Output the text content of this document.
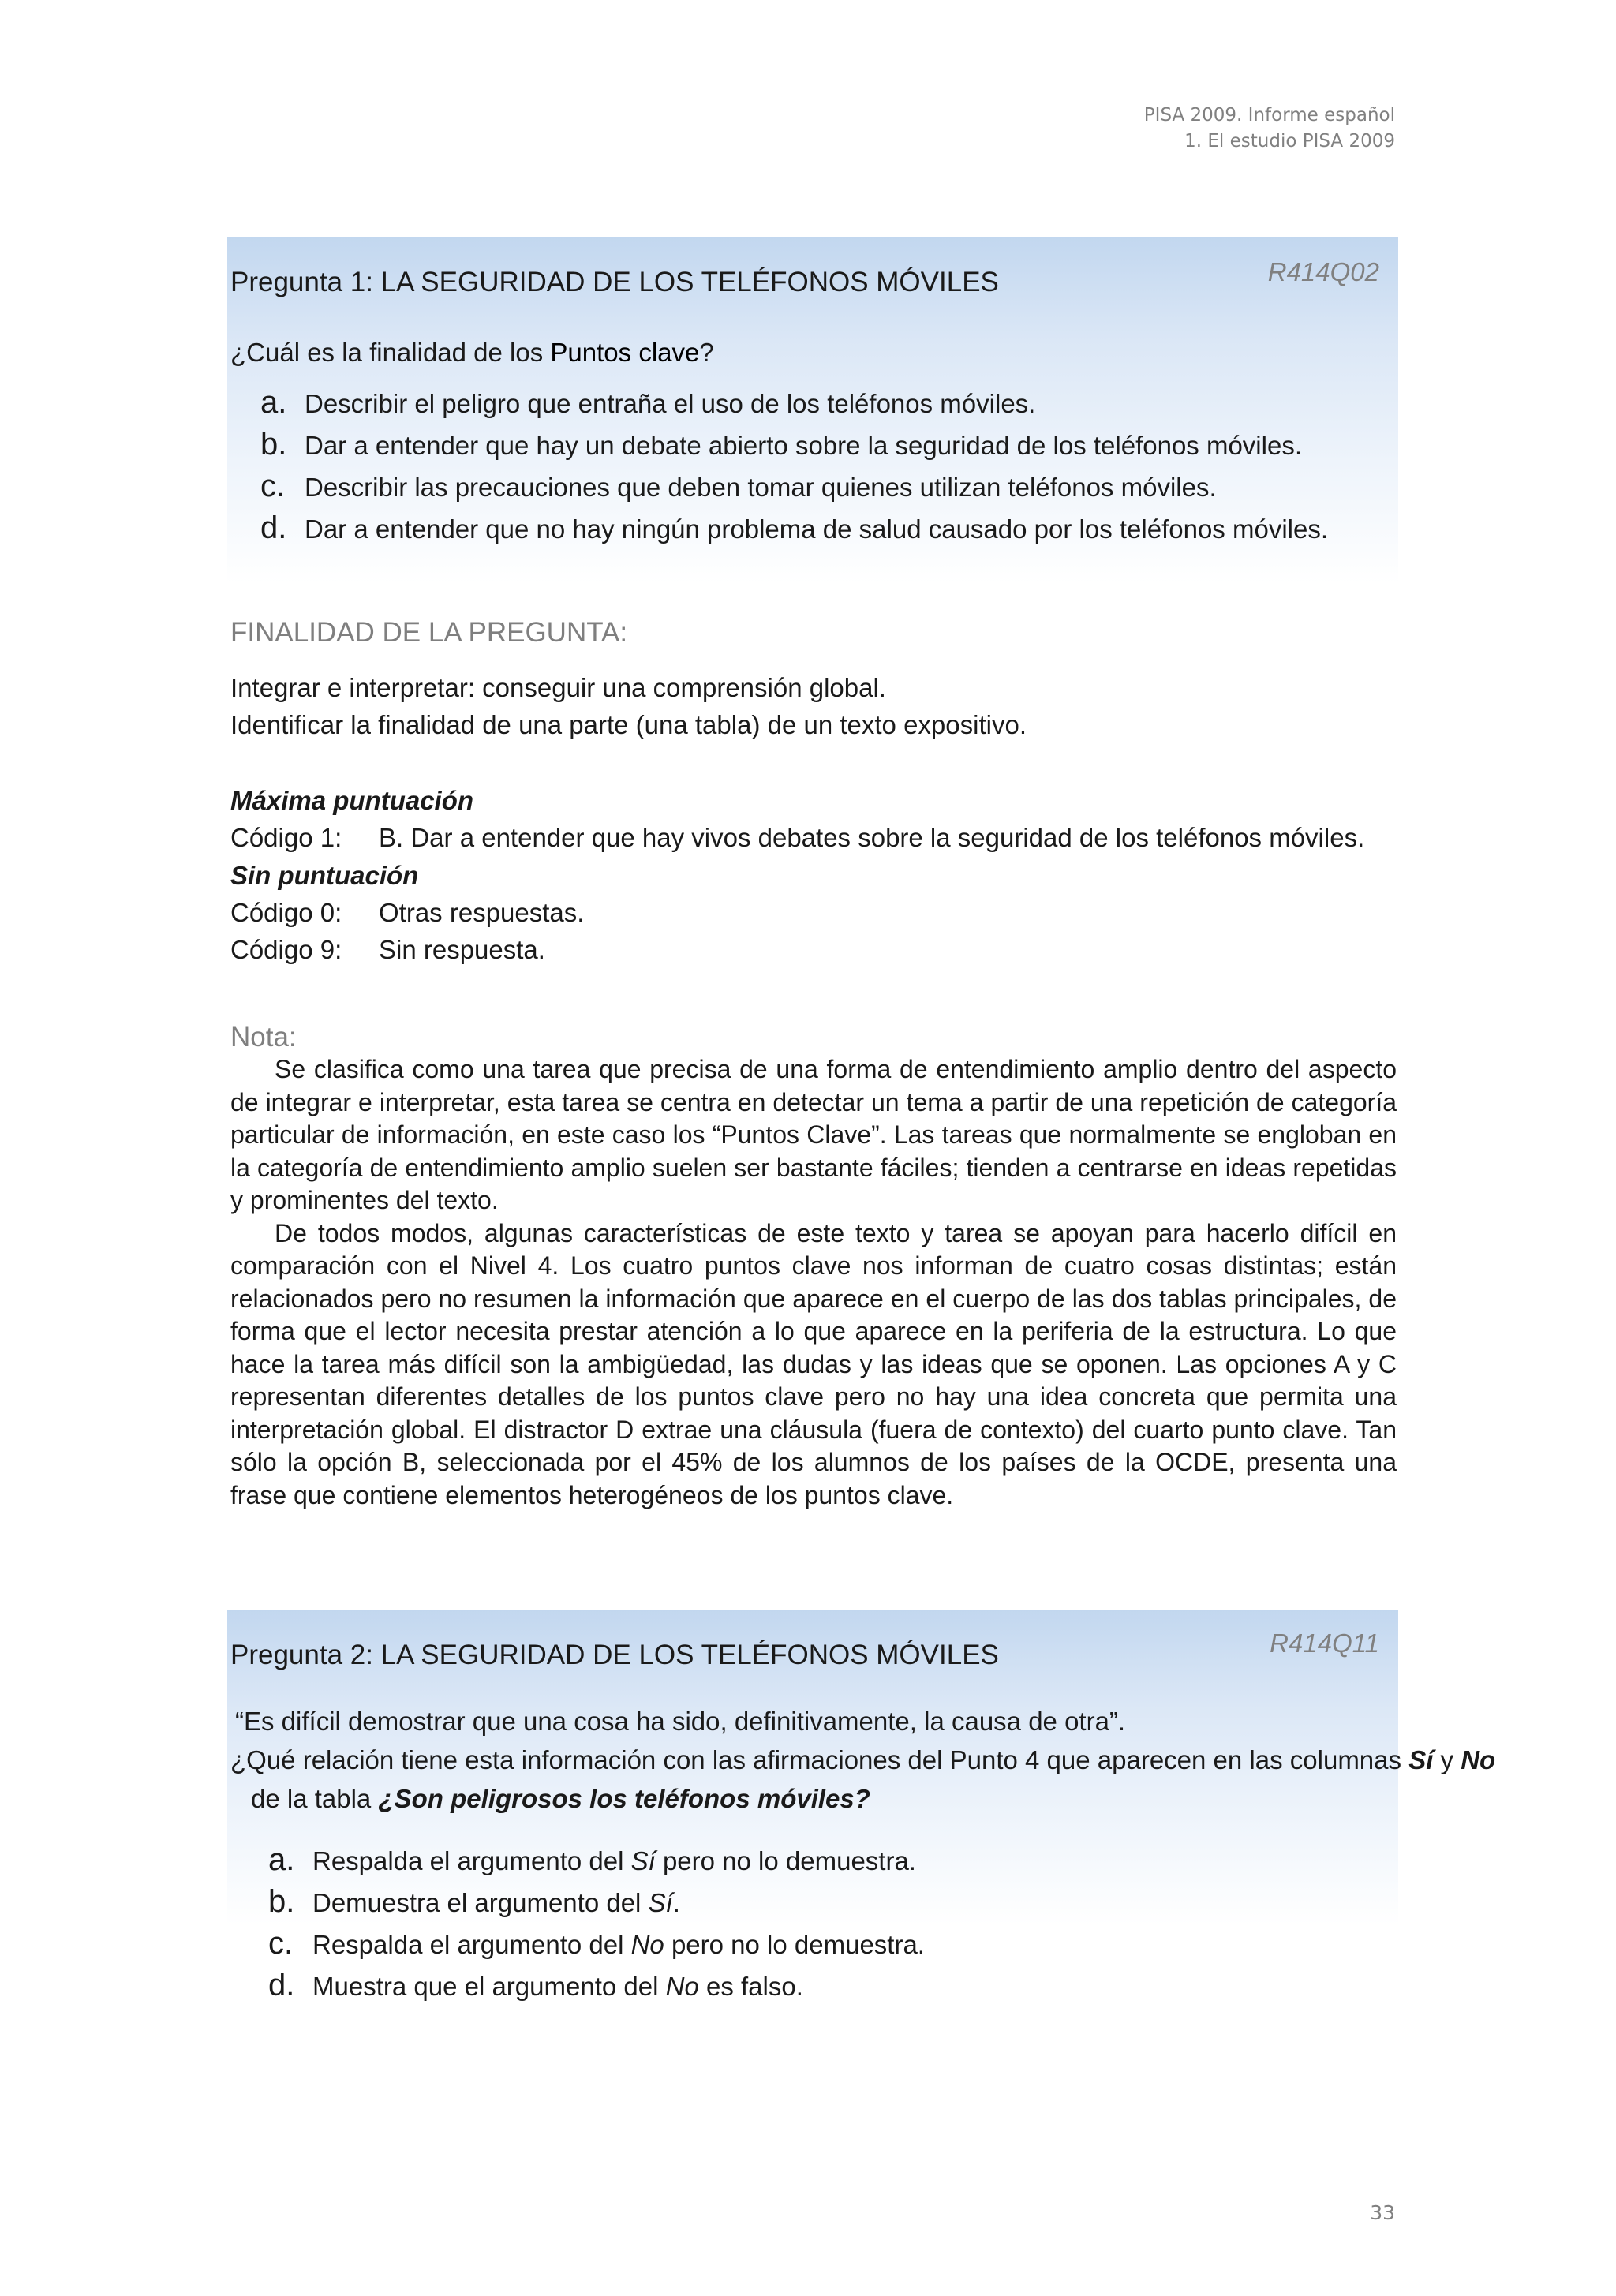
PISA 2009. Informe español
1. El estudio PISA 2009
Pregunta 1: LA SEGURIDAD DE LOS TELÉFONOS MÓVILES	R414Q02
¿Cuál es la finalidad de los Puntos clave?
a. Describir el peligro que entraña el uso de los teléfonos móviles.
b. Dar a entender que hay un debate abierto sobre la seguridad de los teléfonos móviles.
c. Describir las precauciones que deben tomar quienes utilizan teléfonos móviles.
d. Dar a entender que no hay ningún problema de salud causado por los teléfonos móviles.
FINALIDAD DE LA PREGUNTA:
Integrar e interpretar: conseguir una comprensión global.
Identificar la finalidad de una parte (una tabla) de un texto expositivo.
Máxima puntuación
Código 1: B. Dar a entender que hay vivos debates sobre la seguridad de los teléfonos móviles.
Sin puntuación
Código 0: Otras respuestas.
Código 9: Sin respuesta.
Nota:

Se clasifica como una tarea que precisa de una forma de entendimiento amplio dentro del aspecto de integrar e interpretar, esta tarea se centra en detectar un tema a partir de una repetición de categoría particular de información, en este caso los “Puntos Clave”. Las tareas que normalmente se engloban en la categoría de entendimiento amplio suelen ser bastante fáciles; tienden a centrarse en ideas repetidas y prominentes del texto.

De todos modos, algunas características de este texto y tarea se apoyan para hacerlo difícil en comparación con el Nivel 4. Los cuatro puntos clave nos informan de cuatro cosas distintas; están relacionados pero no resumen la información que aparece en el cuerpo de las dos tablas principales, de forma que el lector necesita prestar atención a lo que aparece en la periferia de la estructura. Lo que hace la tarea más difícil son la ambigüedad, las dudas y las ideas que se oponen. Las opciones A y C representan diferentes detalles de los puntos clave pero no hay una idea concreta que permita una interpretación global. El distractor D extrae una cláusula (fuera de contexto) del cuarto punto clave. Tan sólo la opción B, seleccionada por el 45% de los alumnos de los países de la OCDE, presenta una frase que contiene elementos heterogéneos de los puntos clave.

Pregunta 2: LA SEGURIDAD DE LOS TELÉFONOS MÓVILES	R414Q11
“Es difícil demostrar que una cosa ha sido, definitivamente, la causa de otra”.
¿Qué relación tiene esta información con las afirmaciones del Punto 4 que aparecen en las columnas Sí y No
de la tabla ¿Son peligrosos los teléfonos móviles?
a. Respalda el argumento del Sí pero no lo demuestra.
b. Demuestra el argumento del Sí.
c. Respalda el argumento del No pero no lo demuestra.
d. Muestra que el argumento del No es falso.
33
